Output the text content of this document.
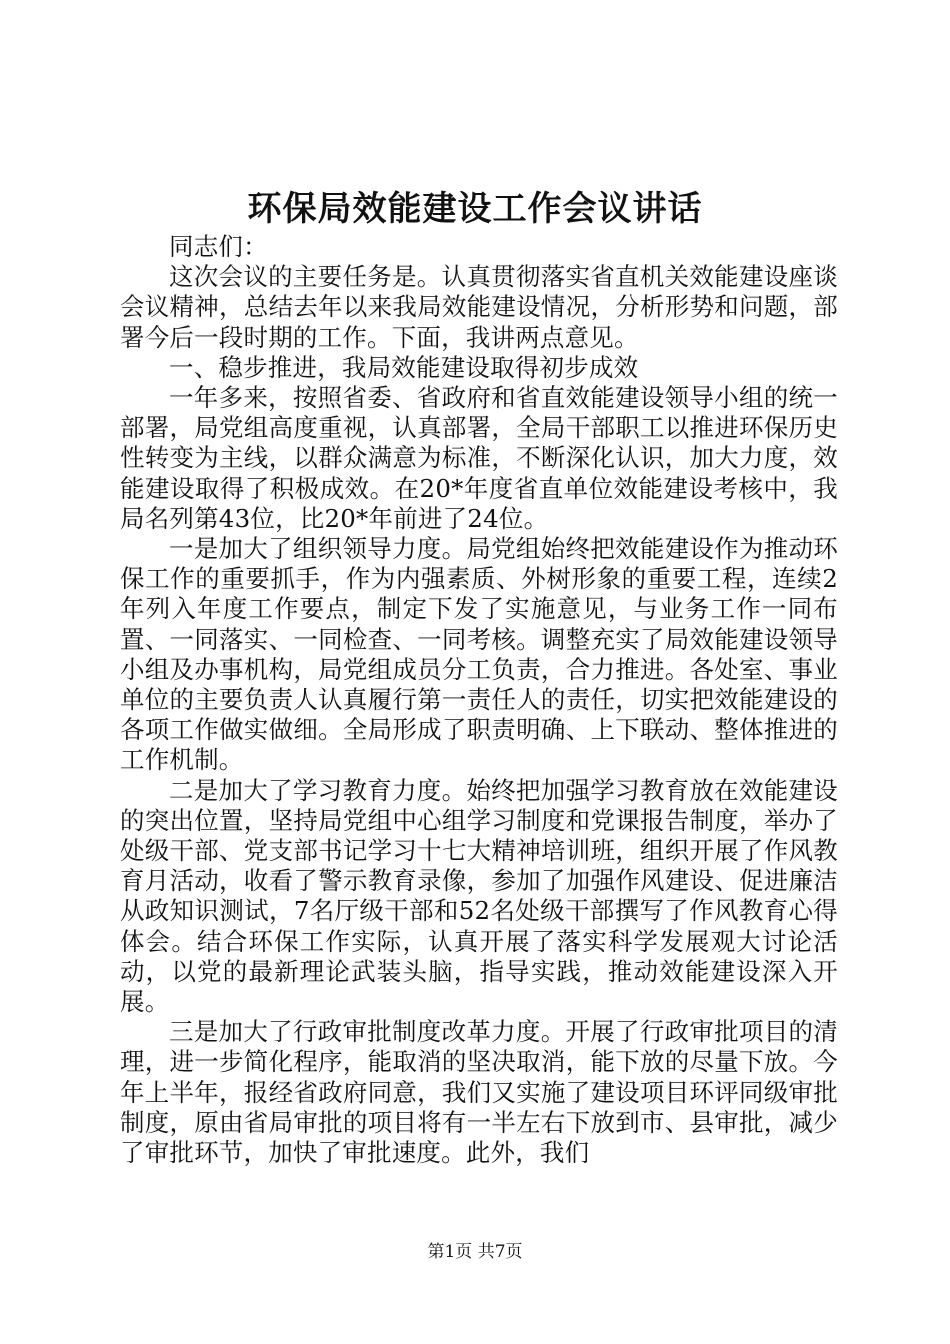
环保局效能建设工作会议讲话

同志们：

这次会议的主要任务是。认真贯彻落实省直机关效能建设座谈会议精神，总结去年以来我局效能建设情况，分析形势和问题，部署今后一段时期的工作。下面，我讲两点意见。

一、稳步推进，我局效能建设取得初步成效

一年多来，按照省委、省政府和省直效能建设领导小组的统一部署，局党组高度重视，认真部署，全局干部职工以推进环保历史性转变为主线，以群众满意为标准，不断深化认识，加大力度，效能建设取得了积极成效。在20*年度省直单位效能建设考核中，我局名列第43位，比20*年前进了24位。

一是加大了组织领导力度。局党组始终把效能建设作为推动环保工作的重要抓手，作为内强素质、外树形象的重要工程，连续2年列入年度工作要点，制定下发了实施意见，与业务工作一同布置、一同落实、一同检查、一同考核。调整充实了局效能建设领导小组及办事机构，局党组成员分工负责，合力推进。各处室、事业单位的主要负责人认真履行第一责任人的责任，切实把效能建设的各项工作做实做细。全局形成了职责明确、上下联动、整体推进的工作机制。

二是加大了学习教育力度。始终把加强学习教育放在效能建设的突出位置，坚持局党组中心组学习制度和党课报告制度，举办了处级干部、党支部书记学习十七大精神培训班，组织开展了作风教育月活动，收看了警示教育录像，参加了加强作风建设、促进廉洁从政知识测试，7名厅级干部和52名处级干部撰写了作风教育心得体会。结合环保工作实际，认真开展了落实科学发展观大讨论活动，以党的最新理论武装头脑，指导实践，推动效能建设深入开展。

三是加大了行政审批制度改革力度。开展了行政审批项目的清理，进一步简化程序，能取消的坚决取消，能下放的尽量下放。今年上半年，报经省政府同意，我们又实施了建设项目环评同级审批制度，原由省局审批的项目将有一半左右下放到市、县审批，减少了审批环节，加快了审批速度。此外，我们

第1页 共7页
